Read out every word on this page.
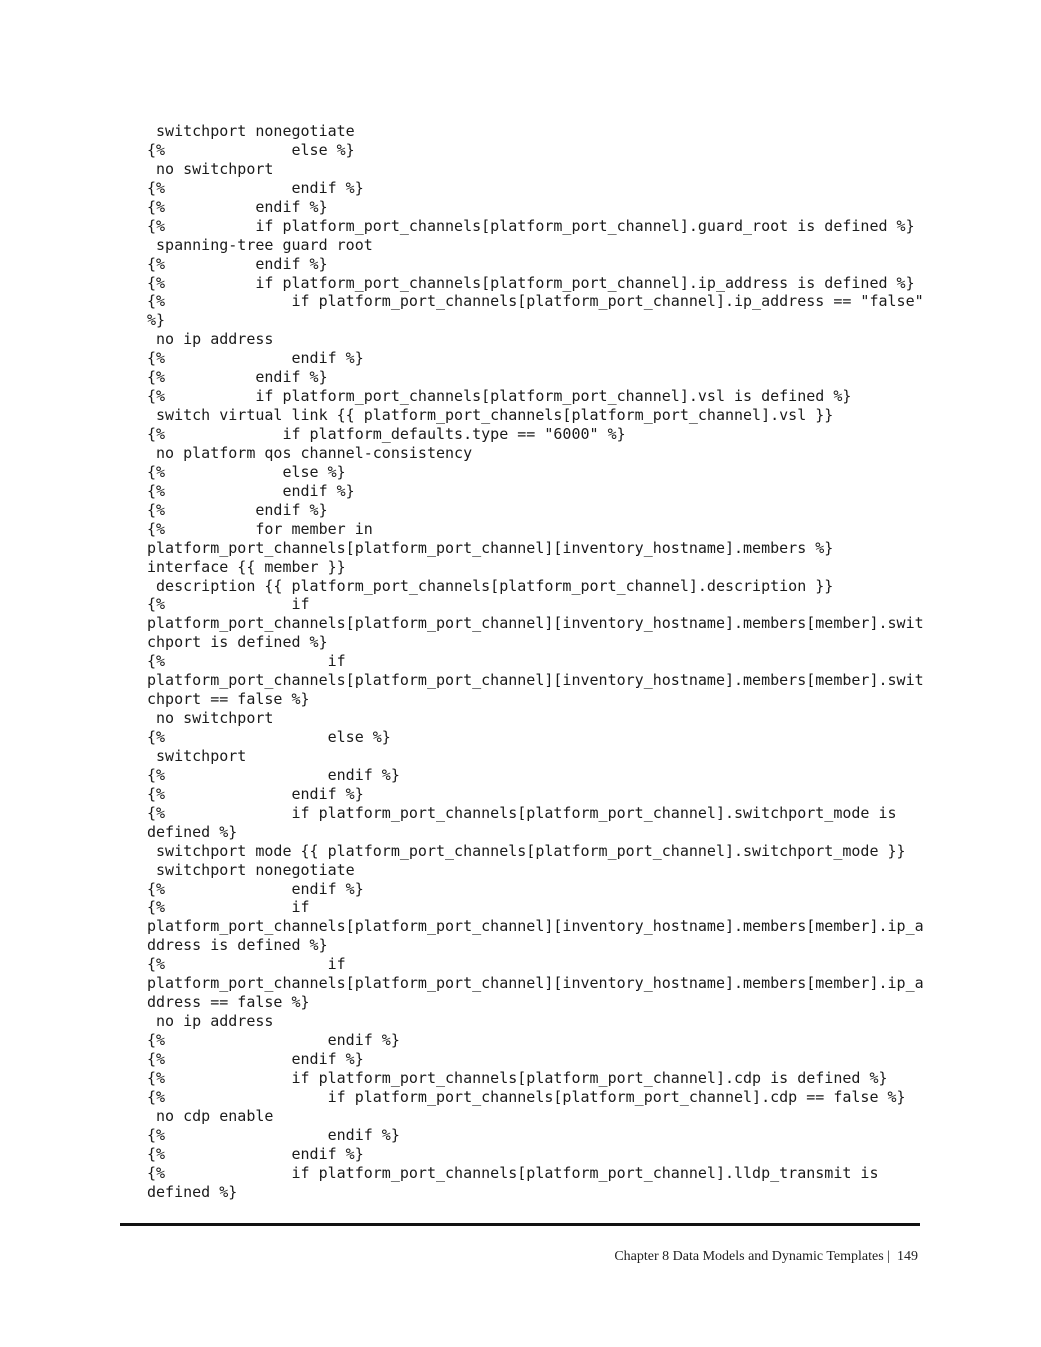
switchport nonegotiate
{%              else %}
no switchport
{%              endif %}
{%          endif %}
{%          if platform_port_channels[platform_port_channel].guard_root is defined %}
spanning-tree guard root
{%          endif %}
{%          if platform_port_channels[platform_port_channel].ip_address is defined %}
{%              if platform_port_channels[platform_port_channel].ip_address == "false"
%}
no ip address
{%              endif %}
{%          endif %}
{%          if platform_port_channels[platform_port_channel].vsl is defined %}
switch virtual link {{ platform_port_channels[platform_port_channel].vsl }}
{%             if platform_defaults.type == "6000" %}
no platform qos channel-consistency
{%             else %}
{%             endif %}
{%          endif %}
{%          for member in
platform_port_channels[platform_port_channel][inventory_hostname].members %}
interface {{ member }}
description {{ platform_port_channels[platform_port_channel].description }}
{%              if
platform_port_channels[platform_port_channel][inventory_hostname].members[member].swit
chport is defined %}
{%                  if
platform_port_channels[platform_port_channel][inventory_hostname].members[member].swit
chport == false %}
no switchport
{%                  else %}
switchport
{%                  endif %}
{%              endif %}
{%              if platform_port_channels[platform_port_channel].switchport_mode is
defined %}
switchport mode {{ platform_port_channels[platform_port_channel].switchport_mode }}
switchport nonegotiate
{%              endif %}
{%              if
platform_port_channels[platform_port_channel][inventory_hostname].members[member].ip_a
ddress is defined %}
{%                  if
platform_port_channels[platform_port_channel][inventory_hostname].members[member].ip_a
ddress == false %}
no ip address
{%                  endif %}
{%              endif %}
{%              if platform_port_channels[platform_port_channel].cdp is defined %}
{%                  if platform_port_channels[platform_port_channel].cdp == false %}
no cdp enable
{%                  endif %}
{%              endif %}
{%              if platform_port_channels[platform_port_channel].lldp_transmit is
defined %}
Chapter 8 Data Models and Dynamic Templates |  149
